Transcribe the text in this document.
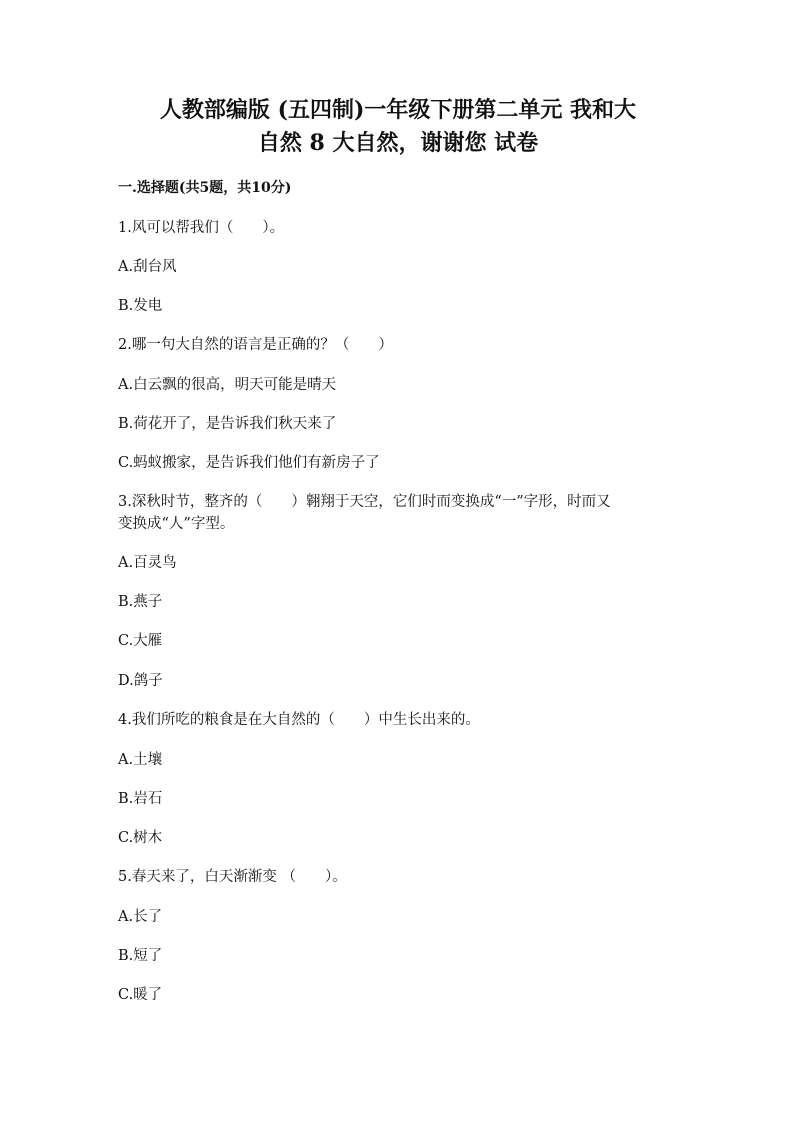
人教部编版 (五四制)一年级下册第二单元 我和大
自然 8 大自然，谢谢您 试卷
一.选择题(共5题，共10分)
1.风可以帮我们（　　）。
A.刮台风
B.发电
2.哪一句大自然的语言是正确的？（　　）
A.白云飘的很高，明天可能是晴天
B.荷花开了，是告诉我们秋天来了
C.蚂蚁搬家，是告诉我们他们有新房子了
3.深秋时节，整齐的（　　）翱翔于天空，它们时而变换成“一”字形，时而又
变换成“人”字型。
A.百灵鸟
B.燕子
C.大雁
D.鸽子
4.我们所吃的粮食是在大自然的（　　）中生长出来的。
A.土壤
B.岩石
C.树木
5.春天来了，白天渐渐变 （　　）。
A.长了
B.短了
C.暖了
